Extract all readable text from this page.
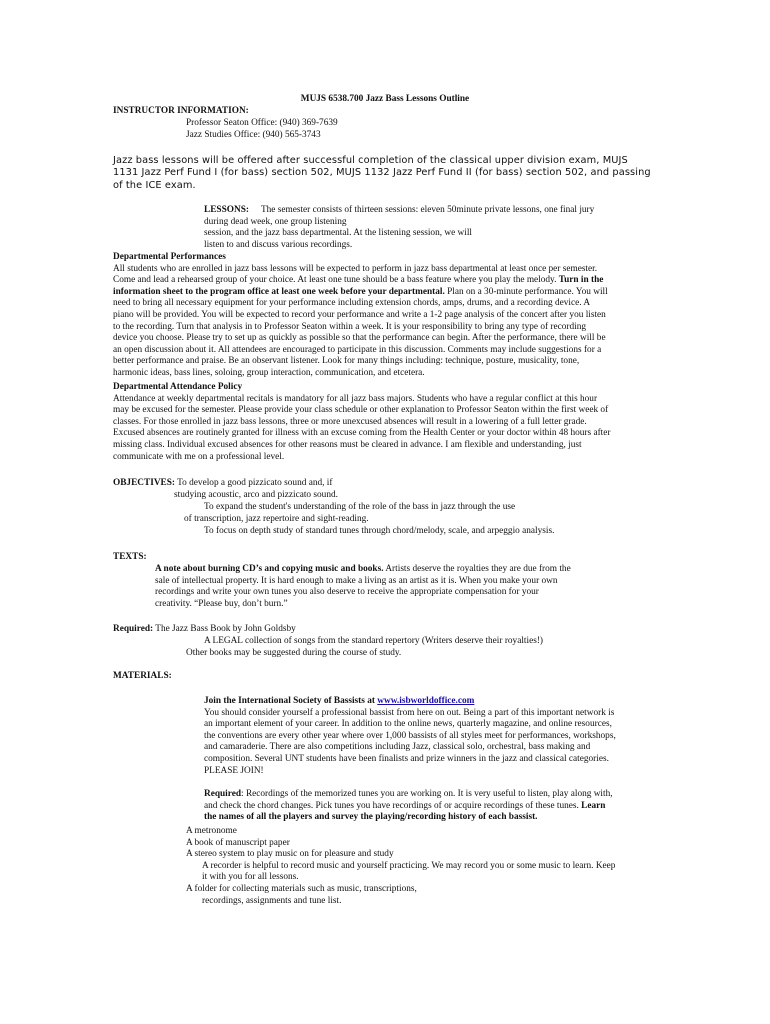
MUJS 6538.700 Jazz Bass Lessons Outline
INSTRUCTOR INFORMATION:
Professor Seaton Office: (940) 369-7639
Jazz Studies Office: (940) 565-3743
Jazz bass lessons will be offered after successful completion of the classical upper division exam, MUJS
1131 Jazz Perf Fund I (for bass) section 502, MUJS 1132 Jazz Perf Fund II (for bass) section 502, and passing
of the ICE exam.
LESSONS: The semester consists of thirteen sessions: eleven 50minute private lessons, one final jury
during dead week, one group listening
session, and the jazz bass departmental. At the listening session, we will
listen to and discuss various recordings.
Departmental Performances
All students who are enrolled in jazz bass lessons will be expected to perform in jazz bass departmental at least once per semester.
Come and lead a rehearsed group of your choice. At least one tune should be a bass feature where you play the melody. Turn in the
information sheet to the program office at least one week before your departmental. Plan on a 30-minute performance. You will
need to bring all necessary equipment for your performance including extension chords, amps, drums, and a recording device. A
piano will be provided. You will be expected to record your performance and write a 1-2 page analysis of the concert after you listen
to the recording. Turn that analysis in to Professor Seaton within a week. It is your responsibility to bring any type of recording
device you choose. Please try to set up as quickly as possible so that the performance can begin. After the performance, there will be
an open discussion about it. All attendees are encouraged to participate in this discussion. Comments may include suggestions for a
better performance and praise. Be an observant listener. Look for many things including: technique, posture, musicality, tone,
harmonic ideas, bass lines, soloing, group interaction, communication, and etcetera.
Departmental Attendance Policy
Attendance at weekly departmental recitals is mandatory for all jazz bass majors. Students who have a regular conflict at this hour
may be excused for the semester. Please provide your class schedule or other explanation to Professor Seaton within the first week of
classes. For those enrolled in jazz bass lessons, three or more unexcused absences will result in a lowering of a full letter grade.
Excused absences are routinely granted for illness with an excuse coming from the Health Center or your doctor within 48 hours after
missing class. Individual excused absences for other reasons must be cleared in advance. I am flexible and understanding, just
communicate with me on a professional level.
OBJECTIVES: To develop a good pizzicato sound and, if
studying acoustic, arco and pizzicato sound.
To expand the student's understanding of the role of the bass in jazz through the use
of transcription, jazz repertoire and sight-reading.
To focus on depth study of standard tunes through chord/melody, scale, and arpeggio analysis.
TEXTS:
A note about burning CD’s and copying music and books. Artists deserve the royalties they are due from the
sale of intellectual property. It is hard enough to make a living as an artist as it is. When you make your own
recordings and write your own tunes you also deserve to receive the appropriate compensation for your
creativity. “Please buy, don’t burn.”
Required: The Jazz Bass Book by John Goldsby
A LEGAL collection of songs from the standard repertory (Writers deserve their royalties!)
Other books may be suggested during the course of study.
MATERIALS:
Join the International Society of Bassists at www.isbworldoffice.com
You should consider yourself a professional bassist from here on out. Being a part of this important network is
an important element of your career. In addition to the online news, quarterly magazine, and online resources,
the conventions are every other year where over 1,000 bassists of all styles meet for performances, workshops,
and camaraderie. There are also competitions including Jazz, classical solo, orchestral, bass making and
composition. Several UNT students have been finalists and prize winners in the jazz and classical categories.
PLEASE JOIN!
Required: Recordings of the memorized tunes you are working on. It is very useful to listen, play along with,
and check the chord changes. Pick tunes you have recordings of or acquire recordings of these tunes. Learn
the names of all the players and survey the playing/recording history of each bassist.
A metronome
A book of manuscript paper
A stereo system to play music on for pleasure and study
A recorder is helpful to record music and yourself practicing. We may record you or some music to learn. Keep
it with you for all lessons.
A folder for collecting materials such as music, transcriptions,
recordings, assignments and tune list.
